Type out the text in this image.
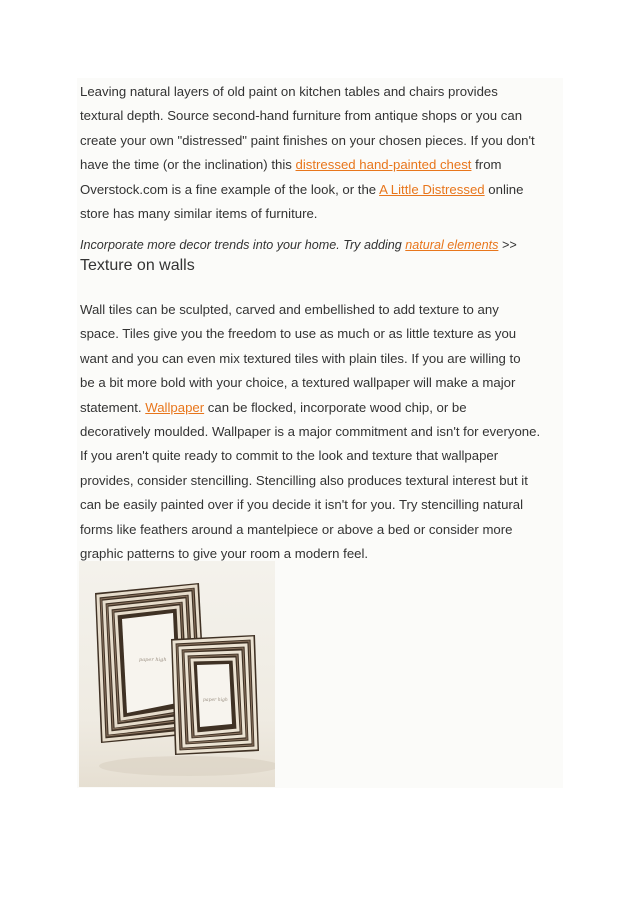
Leaving natural layers of old paint on kitchen tables and chairs provides
textural depth. Source second-hand furniture from antique shops or you can
create your own "distressed" paint finishes on your chosen pieces. If you don't
have the time (or the inclination) this distressed hand-painted chest from
Overstock.com is a fine example of the look, or the A Little Distressed online
store has many similar items of furniture.

Incorporate more decor trends into your home. Try adding natural elements >>

Texture on walls

Wall tiles can be sculpted, carved and embellished to add texture to any
space. Tiles give you the freedom to use as much or as little texture as you
want and you can even mix textured tiles with plain tiles. If you are willing to
be a bit more bold with your choice, a textured wallpaper will make a major
statement. Wallpaper can be flocked, incorporate wood chip, or be
decoratively moulded. Wallpaper is a major commitment and isn't for everyone.
If you aren't quite ready to commit to the look and texture that wallpaper
provides, consider stencilling. Stencilling also produces textural interest but it
can be easily painted over if you decide it isn't for you. Try stencilling natural
forms like feathers around a mantelpiece or above a bed or consider more
graphic patterns to give your room a modern feel.

paper high
paper high
